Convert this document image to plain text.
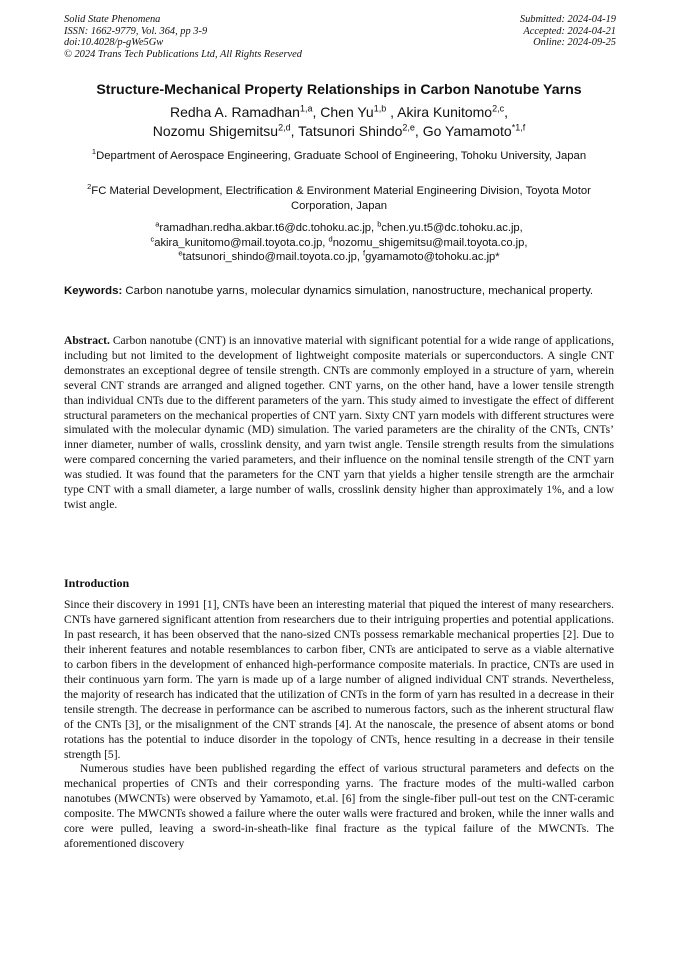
Solid State Phenomena
ISSN: 1662-9779, Vol. 364, pp 3-9
doi:10.4028/p-gWe5Gw
© 2024 Trans Tech Publications Ltd, All Rights Reserved
Submitted: 2024-04-19
Accepted: 2024-04-21
Online: 2024-09-25
Structure-Mechanical Property Relationships in Carbon Nanotube Yarns
Redha A. Ramadhan$^{1,a}$, Chen Yu$^{1,b}$ , Akira Kunitomo$^{2,c}$,
Nozomu Shigemitsu$^{2,d}$, Tatsunori Shindo$^{2,e}$, Go Yamamoto$^{*1,f}$
$^1$Department of Aerospace Engineering, Graduate School of Engineering, Tohoku University, Japan
$^2$FC Material Development, Electrification & Environment Material Engineering Division, Toyota Motor Corporation, Japan
$^a$ramadhan.redha.akbar.t6@dc.tohoku.ac.jp, $^b$chen.yu.t5@dc.tohoku.ac.jp,
$^c$akira_kunitomo@mail.toyota.co.jp, $^d$nozomu_shigemitsu@mail.toyota.co.jp,
$^e$tatsunori_shindo@mail.toyota.co.jp, $^f$gyamamoto@tohoku.ac.jp*
Keywords: Carbon nanotube yarns, molecular dynamics simulation, nanostructure, mechanical property.
Abstract. Carbon nanotube (CNT) is an innovative material with significant potential for a wide range of applications, including but not limited to the development of lightweight composite materials or superconductors. A single CNT demonstrates an exceptional degree of tensile strength. CNTs are commonly employed in a structure of yarn, wherein several CNT strands are arranged and aligned together. CNT yarns, on the other hand, have a lower tensile strength than individual CNTs due to the different parameters of the yarn. This study aimed to investigate the effect of different structural parameters on the mechanical properties of CNT yarn. Sixty CNT yarn models with different structures were simulated with the molecular dynamic (MD) simulation. The varied parameters are the chirality of the CNTs, CNTs’ inner diameter, number of walls, crosslink density, and yarn twist angle. Tensile strength results from the simulations were compared concerning the varied parameters, and their influence on the nominal tensile strength of the CNT yarn was studied. It was found that the parameters for the CNT yarn that yields a higher tensile strength are the armchair type CNT with a small diameter, a large number of walls, crosslink density higher than approximately 1%, and a low twist angle.
Introduction

Since their discovery in 1991 [1], CNTs have been an interesting material that piqued the interest of many researchers. CNTs have garnered significant attention from researchers due to their intriguing properties and potential applications. In past research, it has been observed that the nano-sized CNTs possess remarkable mechanical properties [2]. Due to their inherent features and notable resemblances to carbon fiber, CNTs are anticipated to serve as a viable alternative to carbon fibers in the development of enhanced high-performance composite materials. In practice, CNTs are used in their continuous yarn form. The yarn is made up of a large number of aligned individual CNT strands. Nevertheless, the majority of research has indicated that the utilization of CNTs in the form of yarn has resulted in a decrease in their tensile strength. The decrease in performance can be ascribed to numerous factors, such as the inherent structural flaw of the CNTs [3], or the misalignment of the CNT strands [4]. At the nanoscale, the presence of absent atoms or bond rotations has the potential to induce disorder in the topology of CNTs, hence resulting in a decrease in their tensile strength [5].

Numerous studies have been published regarding the effect of various structural parameters and defects on the mechanical properties of CNTs and their corresponding yarns. The fracture modes of the multi-walled carbon nanotubes (MWCNTs) were observed by Yamamoto, et.al. [6] from the single-fiber pull-out test on the CNT-ceramic composite. The MWCNTs showed a failure where the outer walls were fractured and broken, while the inner walls and core were pulled, leaving a sword-in-sheath-like final fracture as the typical failure of the MWCNTs. The aforementioned discovery
